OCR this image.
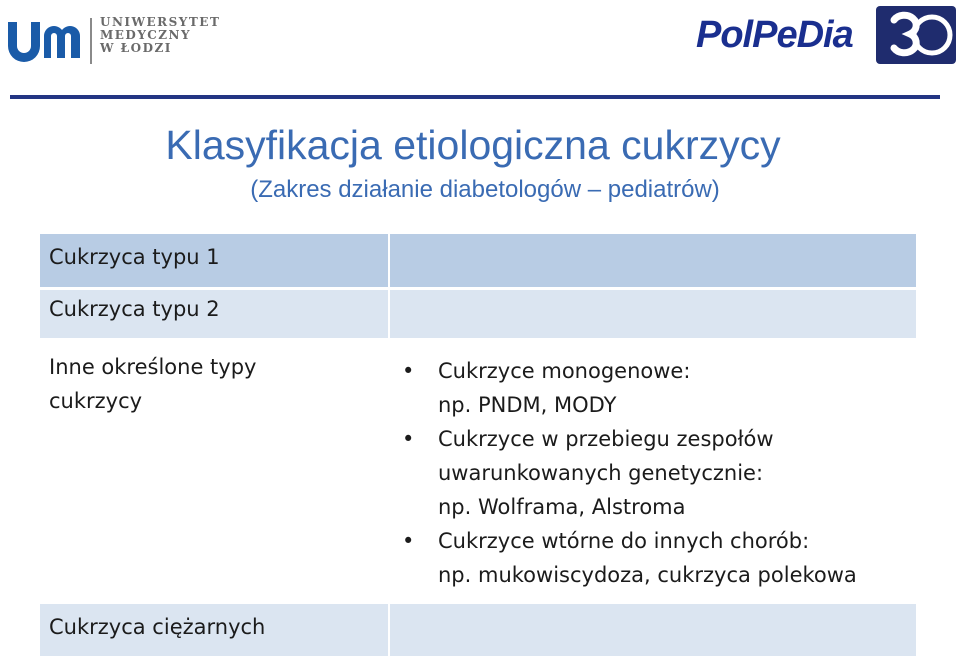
UNIWERSYTET
MEDYCZNY
W ŁODZI	PolPeDia
Klasyfikacja etiologiczna cukrzycy
(Zakres działanie diabetologów – pediatrów)
Cukrzyca typu 1
Cukrzyca typu 2
Inne określone typy cukrzycy
• Cukrzyce monogenowe:
np. PNDM, MODY
• Cukrzyce w przebiegu zespołów uwarunkowanych genetycznie:
np. Wolframa, Alstroma
• Cukrzyce wtórne do innych chorób:
np. mukowiscydoza, cukrzyca polekowa
Cukrzyca ciężarnych
